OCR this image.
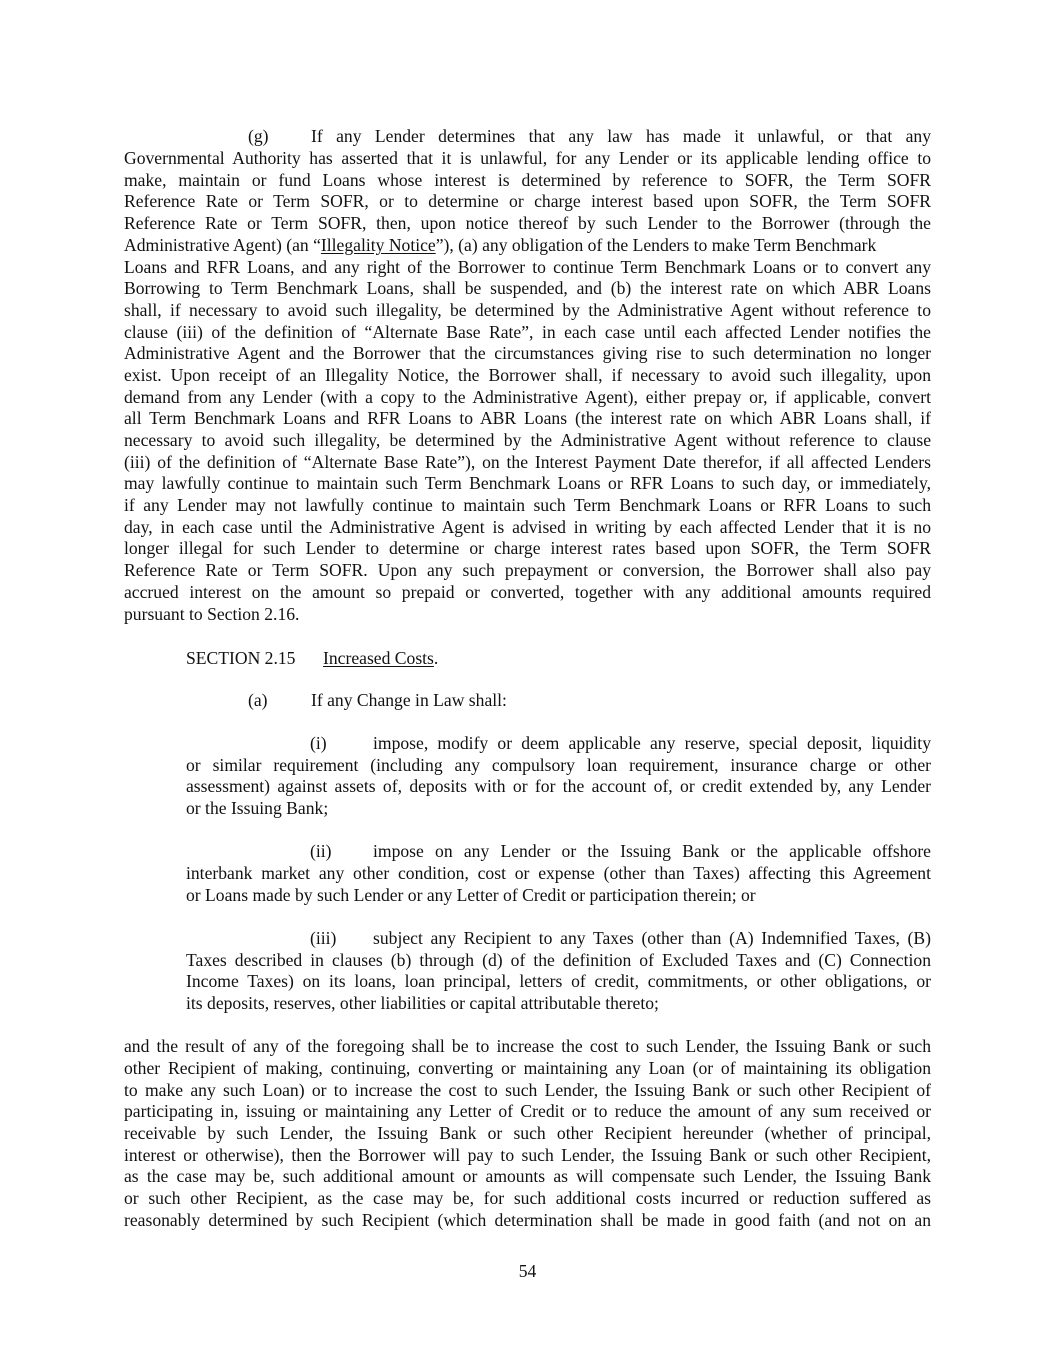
(g) If any Lender determines that any law has made it unlawful, or that any
Governmental Authority has asserted that it is unlawful, for any Lender or its applicable lending office to
make, maintain or fund Loans whose interest is determined by reference to SOFR, the Term SOFR
Reference Rate or Term SOFR, or to determine or charge interest based upon SOFR, the Term SOFR
Reference Rate or Term SOFR, then, upon notice thereof by such Lender to the Borrower (through the
Administrative Agent) (an “Illegality Notice”), (a) any obligation of the Lenders to make Term Benchmark
Loans and RFR Loans, and any right of the Borrower to continue Term Benchmark Loans or to convert any
Borrowing to Term Benchmark Loans, shall be suspended, and (b) the interest rate on which ABR Loans
shall, if necessary to avoid such illegality, be determined by the Administrative Agent without reference to
clause (iii) of the definition of “Alternate Base Rate”, in each case until each affected Lender notifies the
Administrative Agent and the Borrower that the circumstances giving rise to such determination no longer
exist. Upon receipt of an Illegality Notice, the Borrower shall, if necessary to avoid such illegality, upon
demand from any Lender (with a copy to the Administrative Agent), either prepay or, if applicable, convert
all Term Benchmark Loans and RFR Loans to ABR Loans (the interest rate on which ABR Loans shall, if
necessary to avoid such illegality, be determined by the Administrative Agent without reference to clause
(iii) of the definition of “Alternate Base Rate”), on the Interest Payment Date therefor, if all affected Lenders
may lawfully continue to maintain such Term Benchmark Loans or RFR Loans to such day, or immediately,
if any Lender may not lawfully continue to maintain such Term Benchmark Loans or RFR Loans to such
day, in each case until the Administrative Agent is advised in writing by each affected Lender that it is no
longer illegal for such Lender to determine or charge interest rates based upon SOFR, the Term SOFR
Reference Rate or Term SOFR. Upon any such prepayment or conversion, the Borrower shall also pay
accrued interest on the amount so prepaid or converted, together with any additional amounts required
pursuant to Section 2.16.
SECTION 2.15 Increased Costs.
(a) If any Change in Law shall:
(i)	impose, modify or deem applicable any reserve, special deposit, liquidity
or similar requirement (including any compulsory loan requirement, insurance charge or other
assessment) against assets of, deposits with or for the account of, or credit extended by, any Lender
or the Issuing Bank;
(ii) impose on any Lender or the Issuing Bank or the applicable offshore
interbank market any other condition, cost or expense (other than Taxes) affecting this Agreement
or Loans made by such Lender or any Letter of Credit or participation therein; or
(iii) subject any Recipient to any Taxes (other than (A) Indemnified Taxes, (B)
Taxes described in clauses (b) through (d) of the definition of Excluded Taxes and (C) Connection
Income Taxes) on its loans, loan principal, letters of credit, commitments, or other obligations, or
its deposits, reserves, other liabilities or capital attributable thereto;
and the result of any of the foregoing shall be to increase the cost to such Lender, the Issuing Bank or such
other Recipient of making, continuing, converting or maintaining any Loan (or of maintaining its obligation
to make any such Loan) or to increase the cost to such Lender, the Issuing Bank or such other Recipient of
participating in, issuing or maintaining any Letter of Credit or to reduce the amount of any sum received or
receivable by such Lender, the Issuing Bank or such other Recipient hereunder (whether of principal,
interest or otherwise), then the Borrower will pay to such Lender, the Issuing Bank or such other Recipient,
as the case may be, such additional amount or amounts as will compensate such Lender, the Issuing Bank
or such other Recipient, as the case may be, for such additional costs incurred or reduction suffered as
reasonably determined by such Recipient (which determination shall be made in good faith (and not on an
54
